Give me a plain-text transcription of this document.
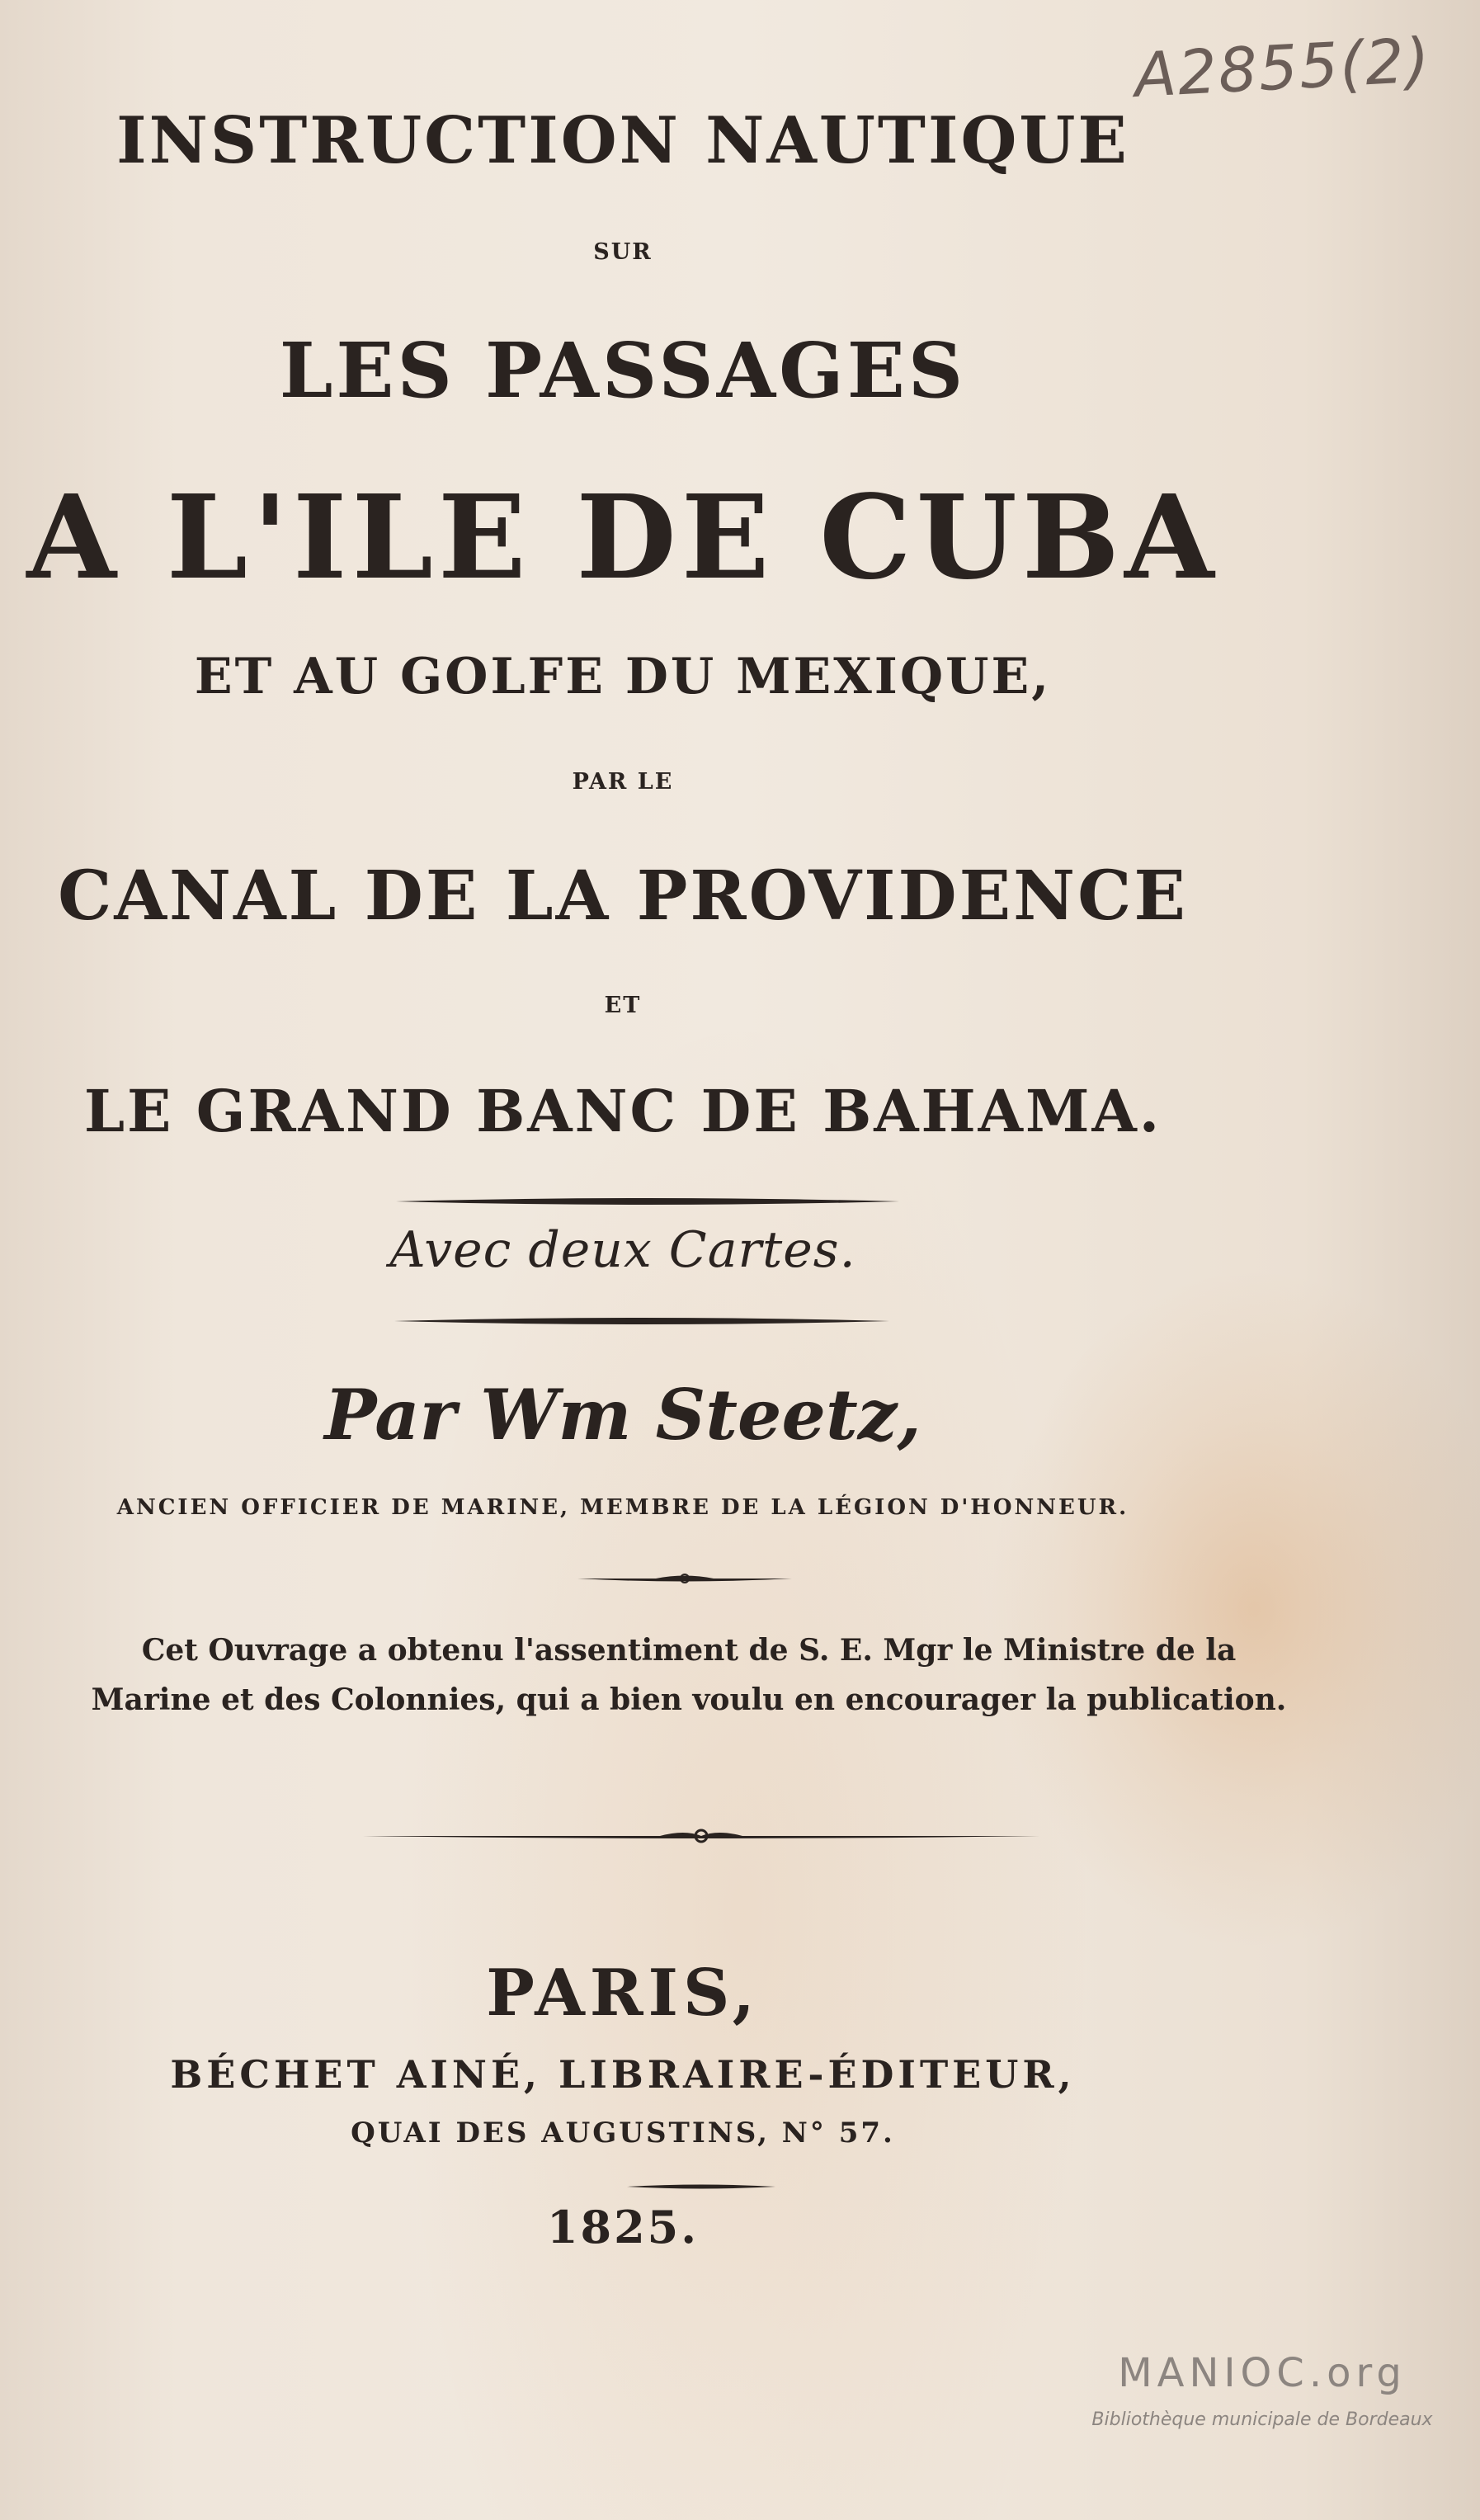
A2855(2)
INSTRUCTION NAUTIQUE
SUR
LES PASSAGES
A L'ILE DE CUBA
ET AU GOLFE DU MEXIQUE,
PAR LE
CANAL DE LA PROVIDENCE
ET
LE GRAND BANC DE BAHAMA.
Avec deux Cartes.
Par Wm Steetz,
ANCIEN OFFICIER DE MARINE, MEMBRE DE LA LÉGION D'HONNEUR.
Cet Ouvrage a obtenu l'assentiment de S. E. Mgr le Ministre de la Marine et des Colonnies, qui a bien voulu en encourager la publication.
PARIS,
BÉCHET AINÉ, LIBRAIRE-ÉDITEUR,
QUAI DES AUGUSTINS, N° 57.
1825.
MANIOC.org
Bibliothèque municipale de Bordeaux
